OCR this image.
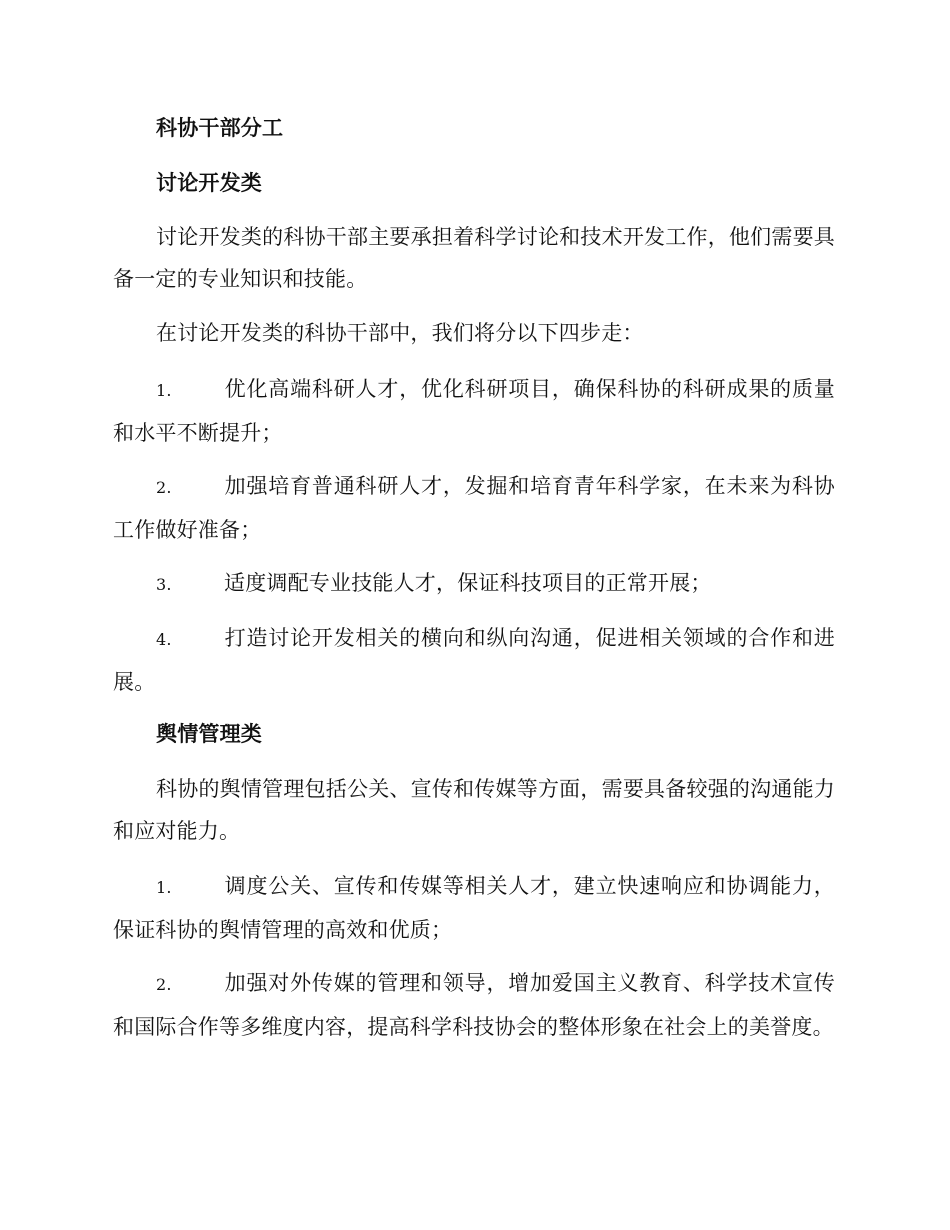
科协干部分工
讨论开发类
讨论开发类的科协干部主要承担着科学讨论和技术开发工作，他们需要具备一定的专业知识和技能。
在讨论开发类的科协干部中，我们将分以下四步走：
1. 优化高端科研人才，优化科研项目，确保科协的科研成果的质量和水平不断提升；
2. 加强培育普通科研人才，发掘和培育青年科学家，在未来为科协工作做好准备；
3. 适度调配专业技能人才，保证科技项目的正常开展；
4. 打造讨论开发相关的横向和纵向沟通，促进相关领域的合作和进展。
舆情管理类
科协的舆情管理包括公关、宣传和传媒等方面，需要具备较强的沟通能力和应对能力。
1. 调度公关、宣传和传媒等相关人才，建立快速响应和协调能力，保证科协的舆情管理的高效和优质；
2. 加强对外传媒的管理和领导，增加爱国主义教育、科学技术宣传和国际合作等多维度内容，提高科学科技协会的整体形象在社会上的美誉度。
